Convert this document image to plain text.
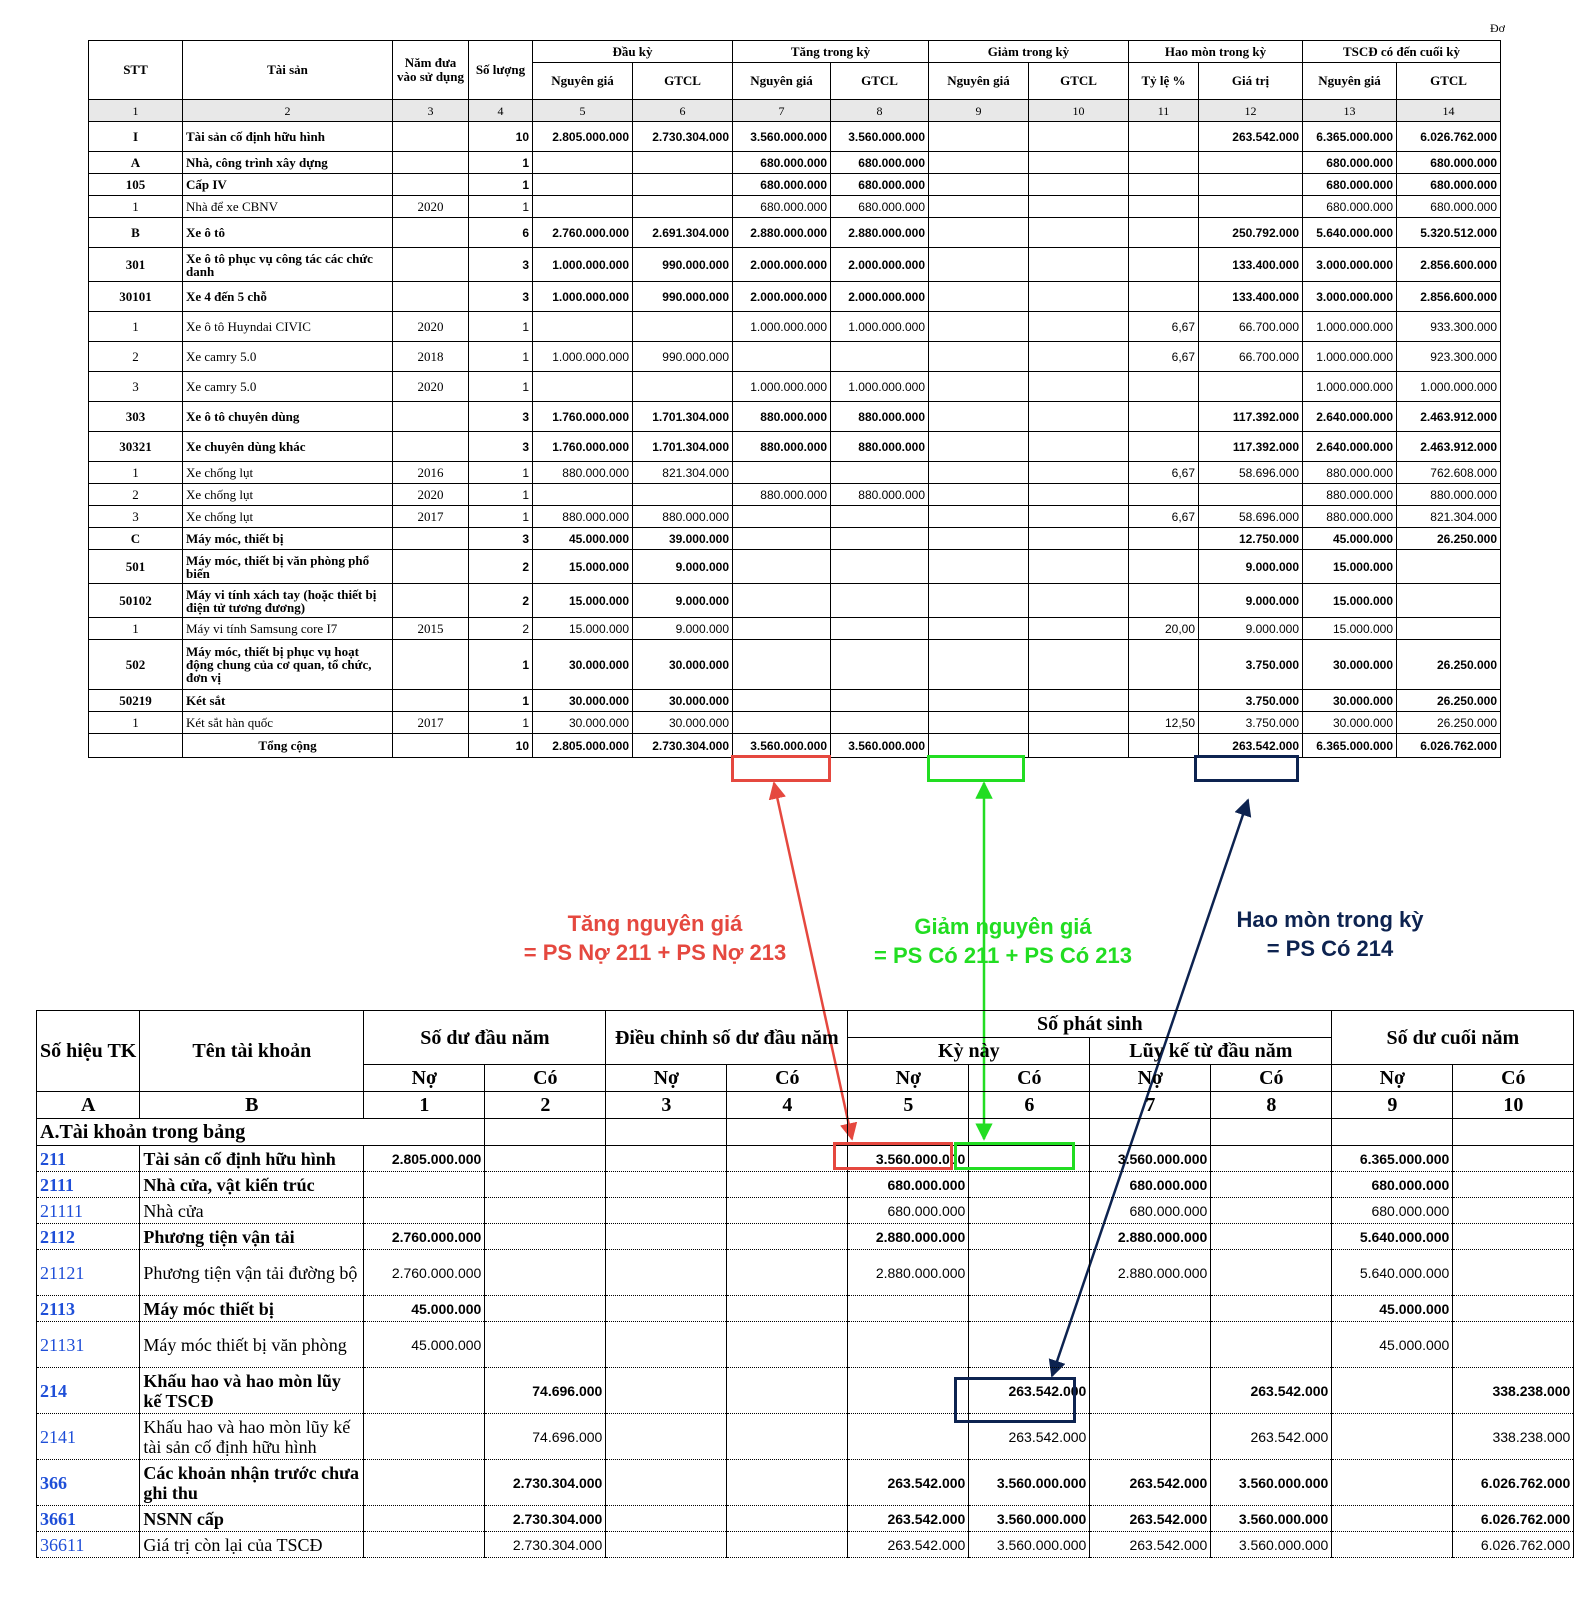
Đơ
STT	Tài sản	Năm đưa vào sử dụng	Số lượng	Đầu kỳ		Tăng trong kỳ		Giảm trong kỳ		Hao mòn trong kỳ		TSCĐ có đến cuối kỳ	
				Nguyên giá	GTCL	Nguyên giá	GTCL	Nguyên giá	GTCL	Tỷ lệ %	Giá trị	Nguyên giá	GTCL
1	2	3	4	5	6	7	8	9	10	11	12	13	14
I	Tài sản cố định hữu hình		10	2.805.000.000	2.730.304.000	3.560.000.000	3.560.000.000				263.542.000	6.365.000.000	6.026.762.000
A	Nhà, công trình xây dựng		1			680.000.000	680.000.000					680.000.000	680.000.000
105	Cấp IV		1			680.000.000	680.000.000					680.000.000	680.000.000
1	Nhà để xe CBNV	2020	1			680.000.000	680.000.000					680.000.000	680.000.000
B	Xe ô tô		6	2.760.000.000	2.691.304.000	2.880.000.000	2.880.000.000				250.792.000	5.640.000.000	5.320.512.000
301	Xe ô tô phục vụ công tác các chức danh		3	1.000.000.000	990.000.000	2.000.000.000	2.000.000.000				133.400.000	3.000.000.000	2.856.600.000
30101	Xe 4 đến 5 chỗ		3	1.000.000.000	990.000.000	2.000.000.000	2.000.000.000				133.400.000	3.000.000.000	2.856.600.000
1	Xe ô tô Huyndai CIVIC	2020	1			1.000.000.000	1.000.000.000			6,67	66.700.000	1.000.000.000	933.300.000
2	Xe camry 5.0	2018	1	1.000.000.000	990.000.000					6,67	66.700.000	1.000.000.000	923.300.000
3	Xe camry 5.0	2020	1			1.000.000.000	1.000.000.000					1.000.000.000	1.000.000.000
303	Xe ô tô chuyên dùng		3	1.760.000.000	1.701.304.000	880.000.000	880.000.000				117.392.000	2.640.000.000	2.463.912.000
30321	Xe chuyên dùng khác		3	1.760.000.000	1.701.304.000	880.000.000	880.000.000				117.392.000	2.640.000.000	2.463.912.000
1	Xe chống lụt	2016	1	880.000.000	821.304.000					6,67	58.696.000	880.000.000	762.608.000
2	Xe chống lụt	2020	1			880.000.000	880.000.000					880.000.000	880.000.000
3	Xe chống lụt	2017	1	880.000.000	880.000.000					6,67	58.696.000	880.000.000	821.304.000
C	Máy móc, thiết bị		3	45.000.000	39.000.000						12.750.000	45.000.000	26.250.000
501	Máy móc, thiết bị văn phòng phổ biến		2	15.000.000	9.000.000						9.000.000	15.000.000	
50102	Máy vi tính xách tay (hoặc thiết bị điện tử tương đương)		2	15.000.000	9.000.000						9.000.000	15.000.000	
1	Máy vi tính Samsung core I7	2015	2	15.000.000	9.000.000					20,00	9.000.000	15.000.000	
502	Máy móc, thiết bị phục vụ hoạt động chung của cơ quan, tổ chức, đơn vị		1	30.000.000	30.000.000						3.750.000	30.000.000	26.250.000
50219	Két sắt		1	30.000.000	30.000.000						3.750.000	30.000.000	26.250.000
1	Két sắt hàn quốc	2017	1	30.000.000	30.000.000					12,50	3.750.000	30.000.000	26.250.000
	Tổng cộng		10	2.805.000.000	2.730.304.000	3.560.000.000	3.560.000.000				263.542.000	6.365.000.000	6.026.762.000
Tăng nguyên giá
= PS Nợ 211 + PS Nợ 213
Giảm nguyên giá
= PS Có 211 + PS Có 213
Hao mòn trong kỳ
= PS Có 214
Số hiệu TK	Tên tài khoản	Số dư đầu năm		Điều chỉnh số dư đầu năm		Số phát sinh				Số dư cuối năm	
						Kỳ này		Lũy kế từ đầu năm			
		Nợ	Có	Nợ	Có	Nợ	Có	Nợ	Có	Nợ	Có
A	B	1	2	3	4	5	6	7	8	9	10
A.Tài khoản trong bảng											
211	Tài sản cố định hữu hình	2.805.000.000				3.560.000.000		3.560.000.000		6.365.000.000	
2111	Nhà cửa, vật kiến trúc					680.000.000		680.000.000		680.000.000	
21111	Nhà cửa					680.000.000		680.000.000		680.000.000	
2112	Phương tiện vận tải	2.760.000.000				2.880.000.000		2.880.000.000		5.640.000.000	
21121	Phương tiện vận tải đường bộ	2.760.000.000				2.880.000.000		2.880.000.000		5.640.000.000	
2113	Máy móc thiết bị	45.000.000								45.000.000	
21131	Máy móc thiết bị văn phòng	45.000.000								45.000.000	
214	Khấu hao và hao mòn lũy kế TSCĐ		74.696.000				263.542.000		263.542.000		338.238.000
2141	Khấu hao và hao mòn lũy kế tài sản cố định hữu hình		74.696.000				263.542.000		263.542.000		338.238.000
366	Các khoản nhận trước chưa ghi thu		2.730.304.000			263.542.000	3.560.000.000	263.542.000	3.560.000.000		6.026.762.000
3661	NSNN cấp		2.730.304.000			263.542.000	3.560.000.000	263.542.000	3.560.000.000		6.026.762.000
36611	Giá trị còn lại của TSCĐ		2.730.304.000			263.542.000	3.560.000.000	263.542.000	3.560.000.000		6.026.762.000
